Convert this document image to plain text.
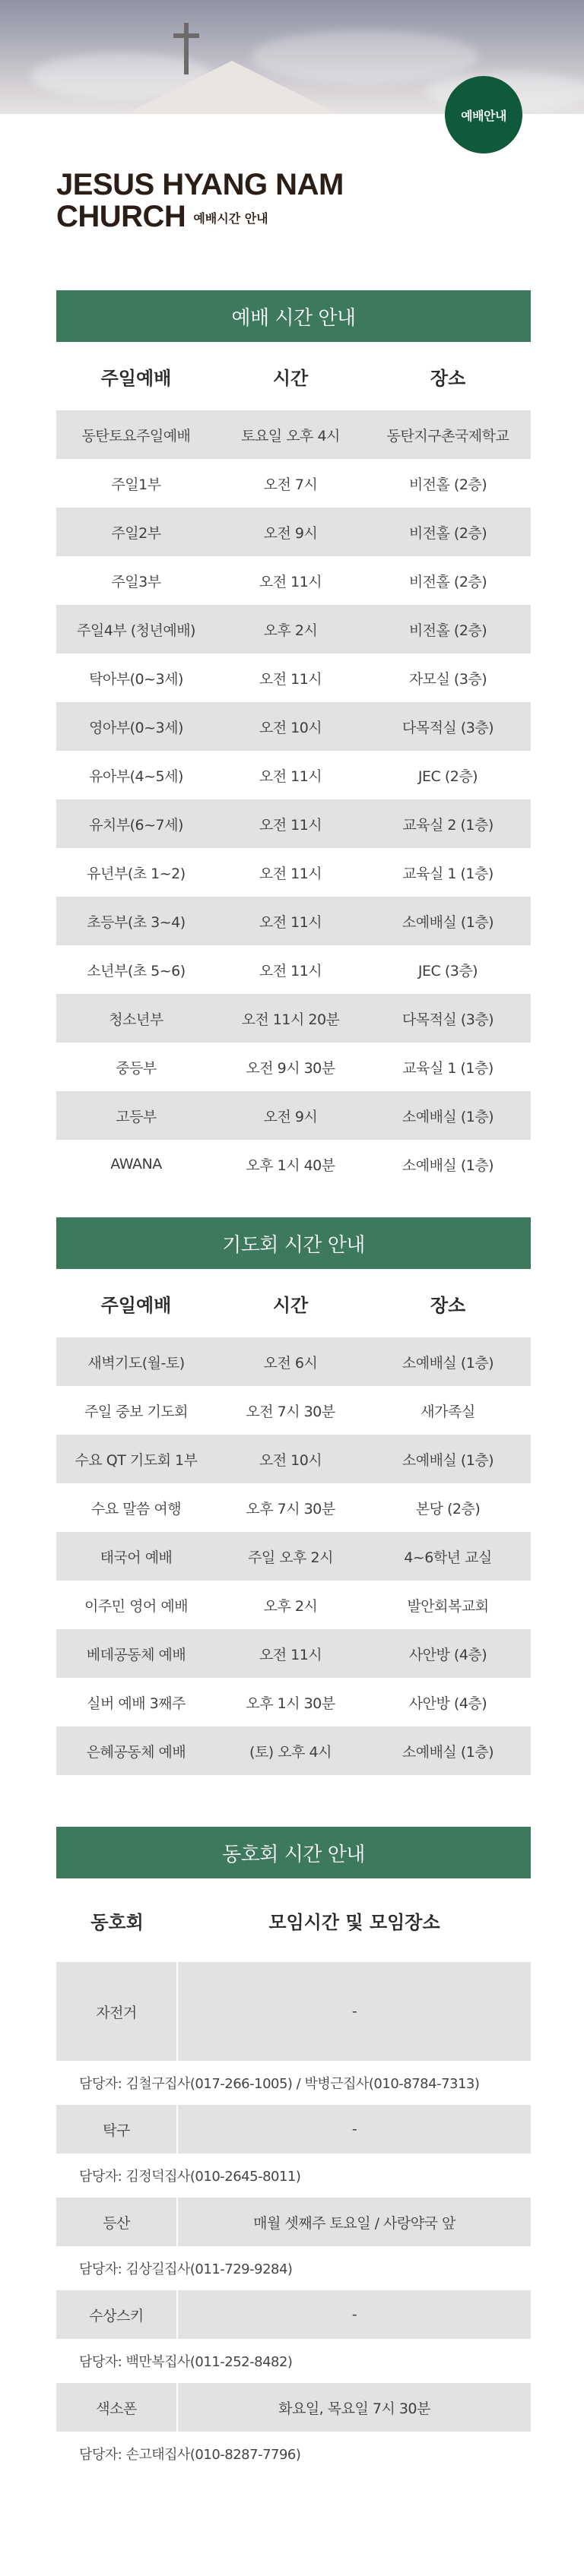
예배안내
JESUS HYANG NAM
CHURCH 예배시간 안내
예배 시간 안내
주일예배	시간	장소
동탄토요주일예배	토요일 오후 4시	동탄지구촌국제학교
주일1부	오전 7시	비전홀 (2층)
주일2부	오전 9시	비전홀 (2층)
주일3부	오전 11시	비전홀 (2층)
주일4부 (청년예배)	오후 2시	비전홀 (2층)
탁아부(0~3세)	오전 11시	자모실 (3층)
영아부(0~3세)	오전 10시	다목적실 (3층)
유아부(4~5세)	오전 11시	JEC (2층)
유치부(6~7세)	오전 11시	교육실 2 (1층)
유년부(초 1~2)	오전 11시	교육실 1 (1층)
초등부(초 3~4)	오전 11시	소예배실 (1층)
소년부(초 5~6)	오전 11시	JEC (3층)
청소년부	오전 11시 20분	다목적실 (3층)
중등부	오전 9시 30분	교육실 1 (1층)
고등부	오전 9시	소예배실 (1층)
AWANA	오후 1시 40분	소예배실 (1층)
기도회 시간 안내
주일예배	시간	장소
새벽기도(월-토)	오전 6시	소예배실 (1층)
주일 중보 기도회	오전 7시 30분	새가족실
수요 QT 기도회 1부	오전 10시	소예배실 (1층)
수요 말씀 여행	오후 7시 30분	본당 (2층)
태국어 예배	주일 오후 2시	4~6학년 교실
이주민 영어 예배	오후 2시	발안회복교회
베데공동체 예배	오전 11시	사안방 (4층)
실버 예배 3째주	오후 1시 30분	사안방 (4층)
은혜공동체 예배	(토) 오후 4시	소예배실 (1층)
동호회 시간 안내
동호회	모임시간 및 모임장소
자전거	-
담당자: 김철구집사(017-266-1005) / 박병근집사(010-8784-7313)
탁구	-
담당자: 김정덕집사(010-2645-8011)
등산	매월 셋째주 토요일 / 사랑약국 앞
담당자: 김상길집사(011-729-9284)
수상스키	-
담당자: 백만복집사(011-252-8482)
색소폰	화요일, 목요일 7시 30분
담당자: 손고태집사(010-8287-7796)
